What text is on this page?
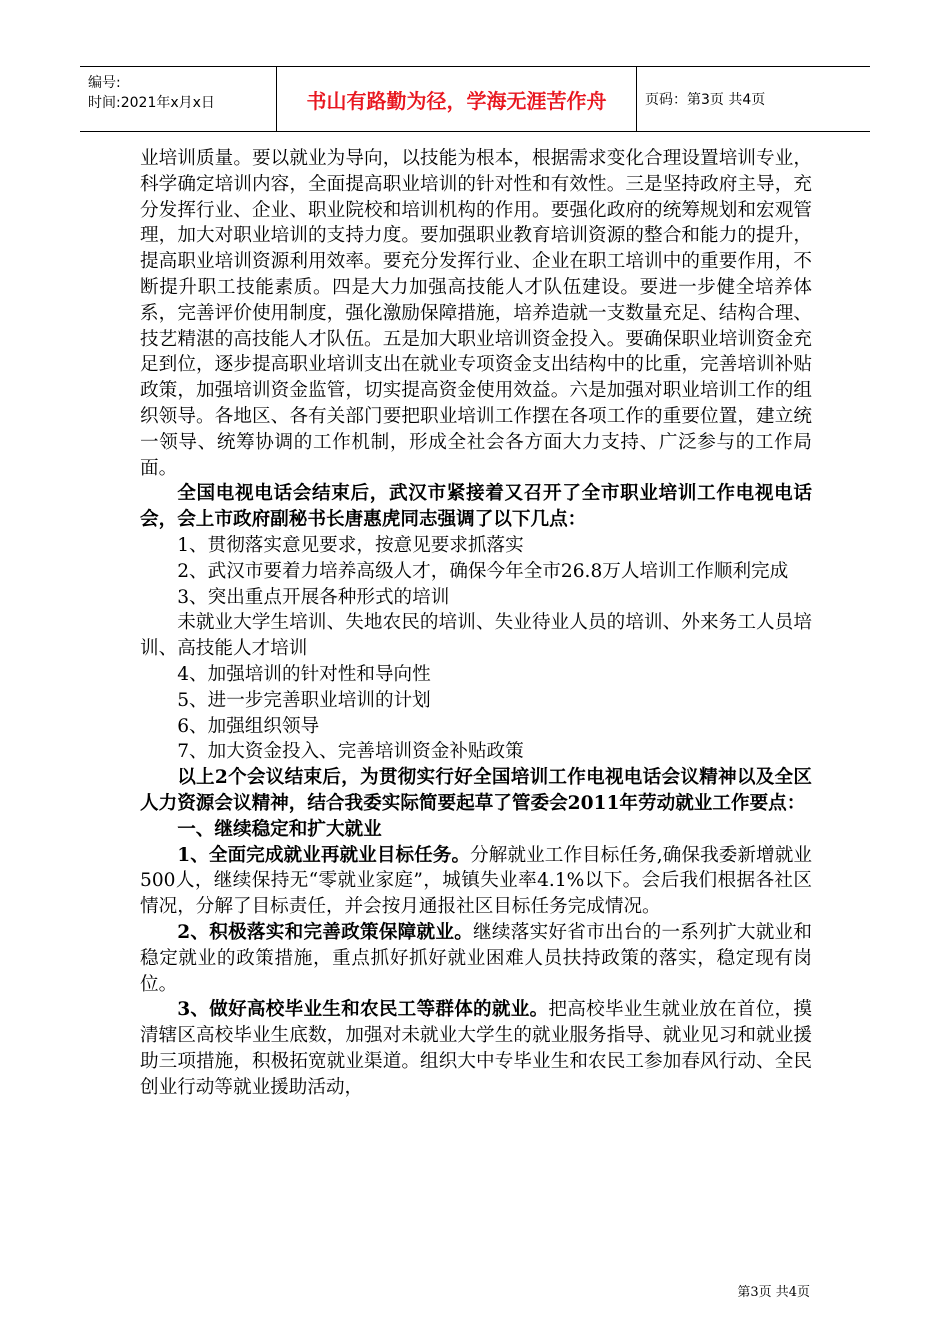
编号:
时间:2021年x月x日	书山有路勤为径，学海无涯苦作舟	页码：第3页 共4页

业培训质量。要以就业为导向，以技能为根本，根据需求变化合理设置培训专业，科学确定培训内容，全面提高职业培训的针对性和有效性。三是坚持政府主导，充分发挥行业、企业、职业院校和培训机构的作用。要强化政府的统筹规划和宏观管理，加大对职业培训的支持力度。要加强职业教育培训资源的整合和能力的提升，提高职业培训资源利用效率。要充分发挥行业、企业在职工培训中的重要作用，不断提升职工技能素质。四是大力加强高技能人才队伍建设。要进一步健全培养体系，完善评价使用制度，强化激励保障措施，培养造就一支数量充足、结构合理、技艺精湛的高技能人才队伍。五是加大职业培训资金投入。要确保职业培训资金充足到位，逐步提高职业培训支出在就业专项资金支出结构中的比重，完善培训补贴政策，加强培训资金监管，切实提高资金使用效益。六是加强对职业培训工作的组织领导。各地区、各有关部门要把职业培训工作摆在各项工作的重要位置，建立统一领导、统筹协调的工作机制，形成全社会各方面大力支持、广泛参与的工作局面。

全国电视电话会结束后，武汉市紧接着又召开了全市职业培训工作电视电话会，会上市政府副秘书长唐惠虎同志强调了以下几点：

1、贯彻落实意见要求，按意见要求抓落实

2、武汉市要着力培养高级人才，确保今年全市26.8万人培训工作顺利完成

3、突出重点开展各种形式的培训

未就业大学生培训、失地农民的培训、失业待业人员的培训、外来务工人员培训、高技能人才培训

4、加强培训的针对性和导向性

5、进一步完善职业培训的计划

6、加强组织领导

7、加大资金投入、完善培训资金补贴政策

以上2个会议结束后，为贯彻实行好全国培训工作电视电话会议精神以及全区人力资源会议精神，结合我委实际简要起草了管委会2011年劳动就业工作要点：

一、继续稳定和扩大就业

1、全面完成就业再就业目标任务。分解就业工作目标任务,确保我委新增就业500人，继续保持无“零就业家庭”，城镇失业率4.1%以下。会后我们根据各社区情况，分解了目标责任，并会按月通报社区目标任务完成情况。

2、积极落实和完善政策保障就业。继续落实好省市出台的一系列扩大就业和稳定就业的政策措施，重点抓好抓好就业困难人员扶持政策的落实，稳定现有岗位。

3、做好高校毕业生和农民工等群体的就业。把高校毕业生就业放在首位，摸清辖区高校毕业生底数，加强对未就业大学生的就业服务指导、就业见习和就业援助三项措施，积极拓宽就业渠道。组织大中专毕业生和农民工参加春风行动、全民创业行动等就业援助活动，

第3页 共4页
